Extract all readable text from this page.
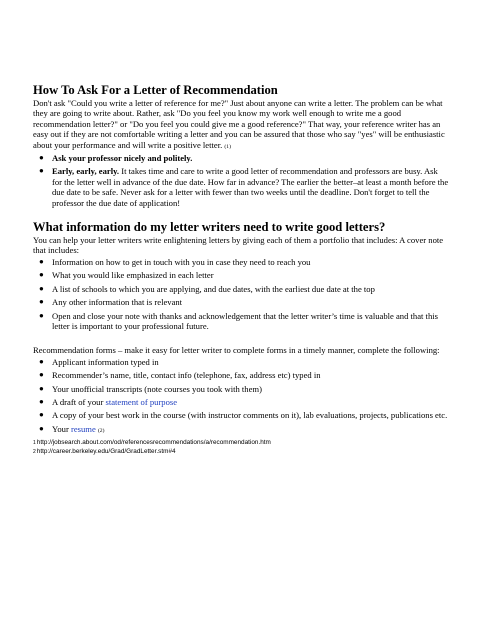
How To Ask For a Letter of Recommendation

Don't ask "Could you write a letter of reference for me?" Just about anyone can write a letter. The problem can be what they are going to write about. Rather, ask "Do you feel you know my work well enough to write me a good recommendation letter?" or "Do you feel you could give me a good reference?" That way, your reference writer has an easy out if they are not comfortable writing a letter and you can be assured that those who say "yes" will be enthusiastic about your performance and will write a positive letter. (1)

● Ask your professor nicely and politely.
● Early, early, early. It takes time and care to write a good letter of recommendation and professors are busy. Ask for the letter well in advance of the due date. How far in advance? The earlier the better–at least a month before the due date to be safe. Never ask for a letter with fewer than two weeks until the deadline. Don't forget to tell the professor the due date of application!
What information do my letter writers need to write good letters?

You can help your letter writers write enlightening letters by giving each of them a portfolio that includes: A cover note that includes:

● Information on how to get in touch with you in case they need to reach you
● What you would like emphasized in each letter
● A list of schools to which you are applying, and due dates, with the earliest due date at the top
● Any other information that is relevant
● Open and close your note with thanks and acknowledgement that the letter writer’s time is valuable and that this letter is important to your professional future.

Recommendation forms – make it easy for letter writer to complete forms in a timely manner, complete the following:

● Applicant information typed in
● Recommender’s name, title, contact info (telephone, fax, address etc) typed in
● Your unofficial transcripts (note courses you took with them)
● A draft of your statement of purpose
● A copy of your best work in the course (with instructor comments on it), lab evaluations, projects, publications etc.
● Your resume (2)
1http://jobsearch.about.com/od/referencesrecommendations/a/recommendation.htm
2http://career.berkeley.edu/Grad/GradLetter.stm#4
